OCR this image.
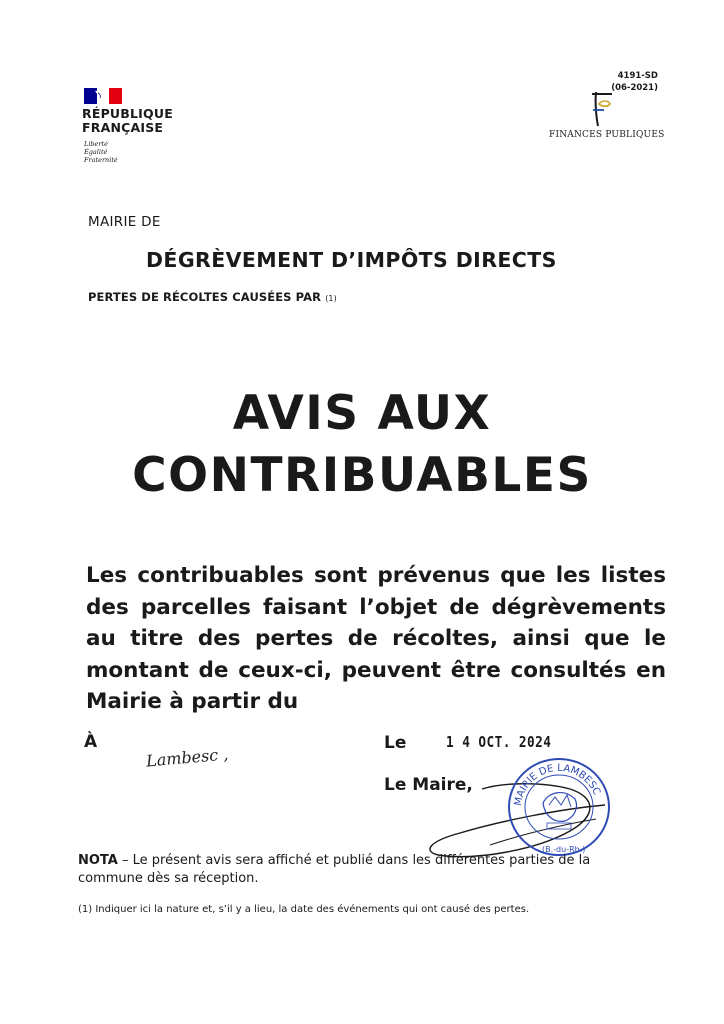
RÉPUBLIQUE
FRANÇAISE
Liberté
Égalité
Fraternité
4191-SD
(06-2021)
FINANCES PUBLIQUES
MAIRIE DE
DÉGRÈVEMENT D’IMPÔTS DIRECTS
PERTES DE RÉCOLTES CAUSÉES PAR (1)
AVIS AUX
CONTRIBUABLES
Les contribuables sont prévenus que les listes des parcelles faisant l’objet de dégrèvements au titre des pertes de récoltes, ainsi que le montant de ceux-ci, peuvent être consultés en Mairie à partir du
À
Lambesc ,
Le	1 4 OCT. 2024
Le Maire,
MAIRIE DE LAMBESC
(B.-du-Rh.)
NOTA – Le présent avis sera affiché et publié dans les différentes parties de la commune dès sa réception.
(1) Indiquer ici la nature et, s’il y a lieu, la date des événements qui ont causé des pertes.
